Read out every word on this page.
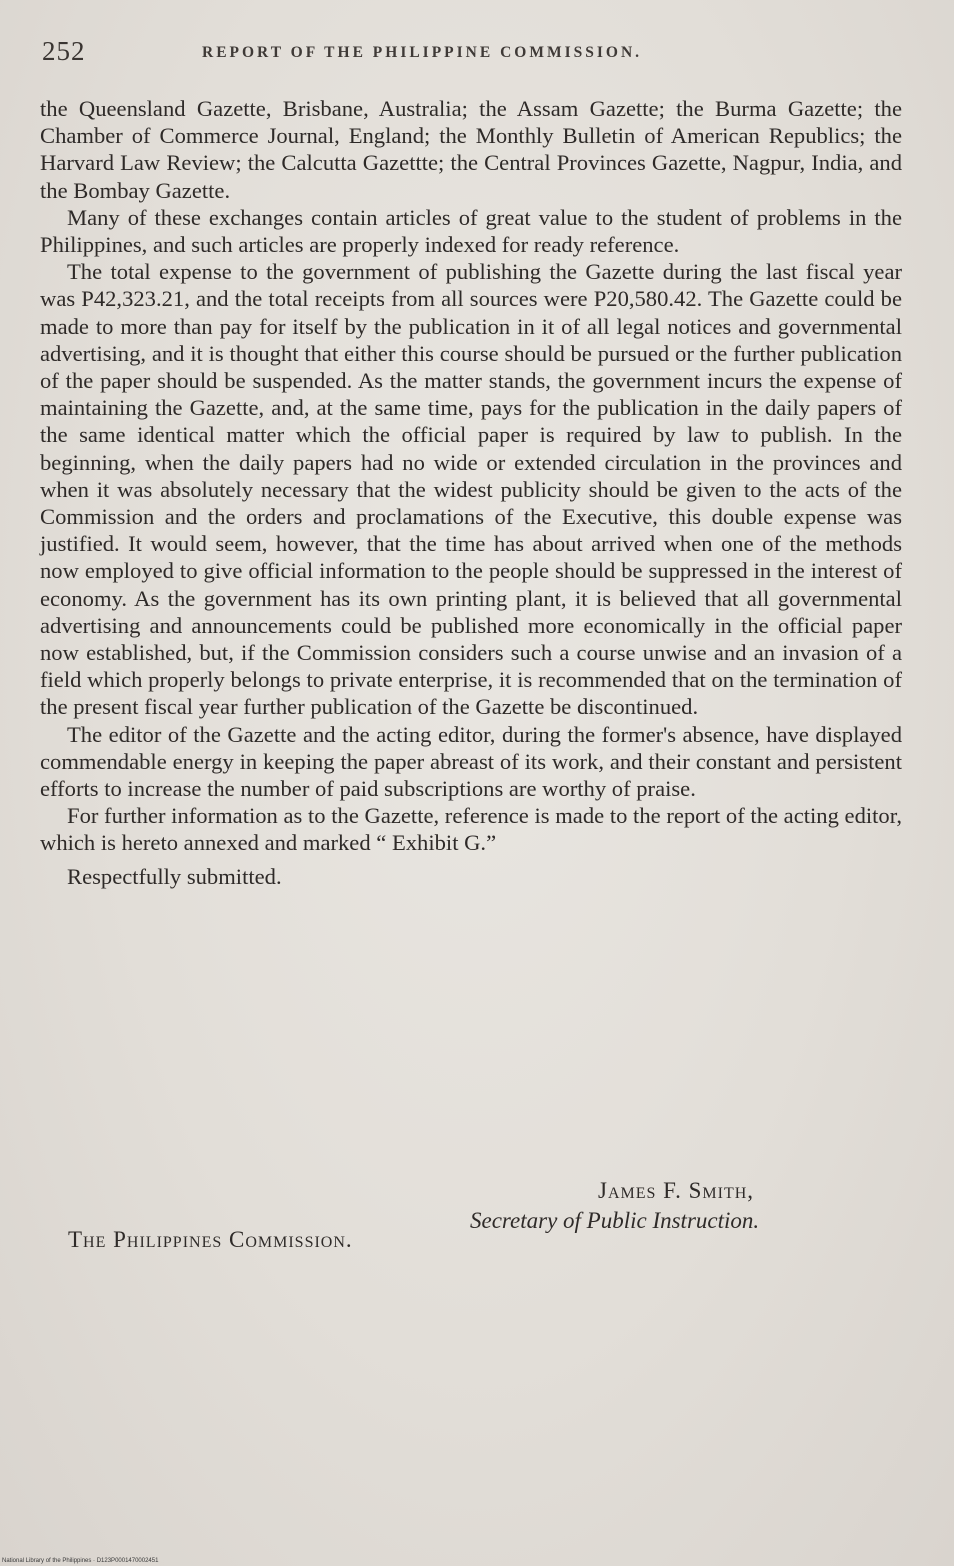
252	REPORT OF THE PHILIPPINE COMMISSION.

the Queensland Gazette, Brisbane, Australia; the Assam Gazette; the Burma Gazette; the Chamber of Commerce Journal, England; the Monthly Bulletin of American Republics; the Harvard Law Review; the Calcutta Gazettte; the Central Provinces Gazette, Nagpur, India, and the Bombay Gazette.

Many of these exchanges contain articles of great value to the student of problems in the Philippines, and such articles are properly indexed for ready reference.

The total expense to the government of publishing the Gazette during the last fiscal year was P42,323.21, and the total receipts from all sources were P20,580.42. The Gazette could be made to more than pay for itself by the publication in it of all legal notices and governmental advertising, and it is thought that either this course should be pursued or the further publication of the paper should be suspended. As the matter stands, the government incurs the expense of maintaining the Gazette, and, at the same time, pays for the publication in the daily papers of the same identical matter which the official paper is required by law to publish. In the beginning, when the daily papers had no wide or extended circulation in the provinces and when it was absolutely necessary that the widest publicity should be given to the acts of the Commission and the orders and proclamations of the Executive, this double expense was justified. It would seem, however, that the time has about arrived when one of the methods now employed to give official information to the people should be suppressed in the interest of economy. As the government has its own printing plant, it is believed that all governmental advertising and announcements could be published more economically in the official paper now established, but, if the Commission considers such a course unwise and an invasion of a field which properly belongs to private enterprise, it is recommended that on the termination of the present fiscal year further publication of the Gazette be discontinued.

The editor of the Gazette and the acting editor, during the former's absence, have displayed commendable energy in keeping the paper abreast of its work, and their constant and persistent efforts to increase the number of paid subscriptions are worthy of praise.

For further information as to the Gazette, reference is made to the report of the acting editor, which is hereto annexed and marked “ Exhibit G.”

Respectfully submitted.

James F. Smith,
Secretary of Public Instruction.
The Philippines Commission.
National Library of the Philippines · D123P0001470002451
